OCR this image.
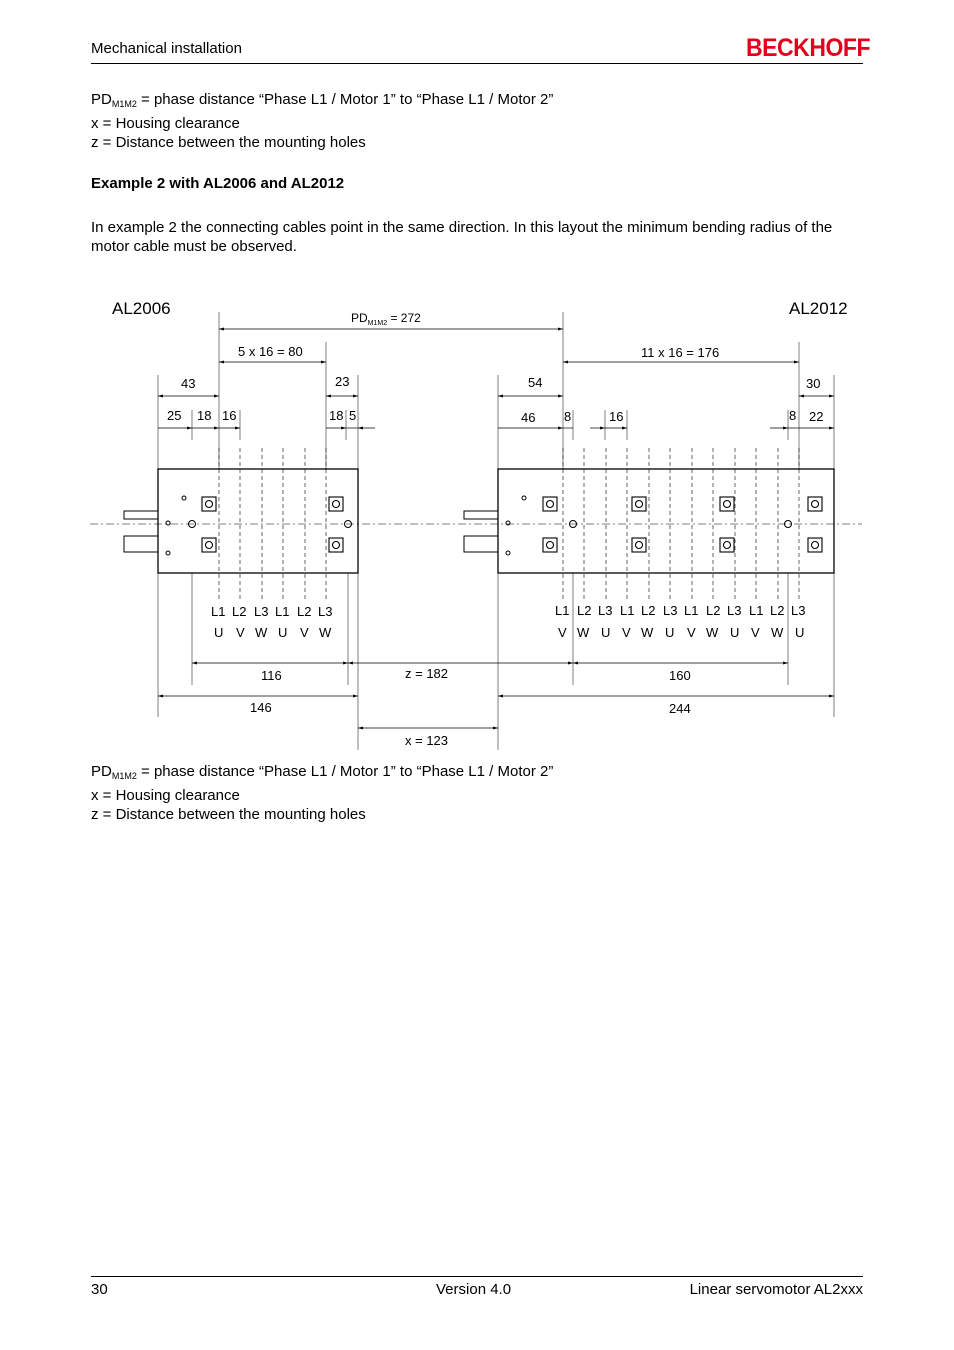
Mechanical installation	BECKHOFF
$PD_{M1M2}$ = phase distance “Phase L1 / Motor 1” to “Phase L1 / Motor 2”
x = Housing clearance
z = Distance between the mounting holes
Example 2 with AL2006 and AL2012
In example 2 the connecting cables point in the same direction. In this layout the minimum bending radius of the motor cable must be observed.
AL2006	AL2012
$PD_{M1M2} = 272$
5 x 16 = 80	11 x 16 = 176
43	23	54	30
25 18 16	18 5	46 8	16	8 22
L1 L2 L3 L1 L2 L3
U V W U V W
L1 L2 L3 L1 L2 L3 L1 L2 L3 L1 L2 L3
V W U V W U V W U V W U
116	z = 182	160
146	244
x = 123
$PD_{M1M2}$ = phase distance “Phase L1 / Motor 1” to “Phase L1 / Motor 2”
x = Housing clearance
z = Distance between the mounting holes
30	Version 4.0	Linear servomotor AL2xxx
